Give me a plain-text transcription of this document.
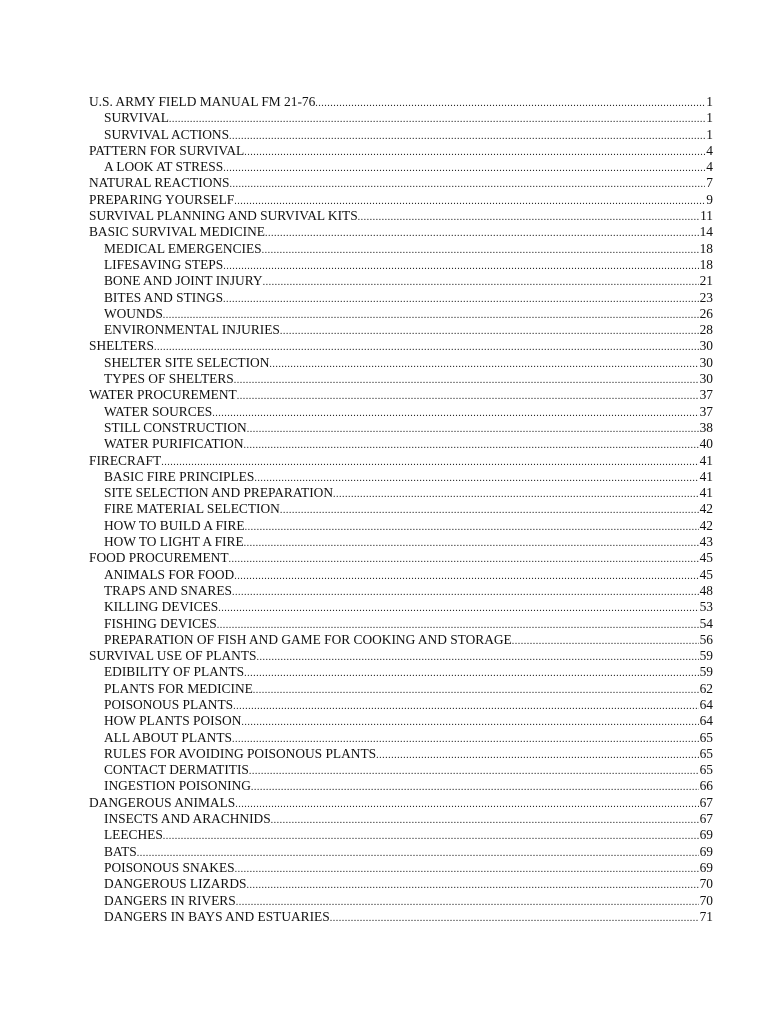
U.S. ARMY FIELD MANUAL FM 21-76 .....	1
SURVIVAL .....	1
SURVIVAL ACTIONS .....	1
PATTERN FOR SURVIVAL .....	4
A LOOK AT STRESS .....	4
NATURAL REACTIONS .....	7
PREPARING YOURSELF .....	9
SURVIVAL PLANNING AND SURVIVAL KITS .....	11
BASIC SURVIVAL MEDICINE .....	14
MEDICAL EMERGENCIES .....	18
LIFESAVING STEPS .....	18
BONE AND JOINT INJURY .....	21
BITES AND STINGS .....	23
WOUNDS .....	26
ENVIRONMENTAL INJURIES .....	28
SHELTERS .....	30
SHELTER SITE SELECTION .....	30
TYPES OF SHELTERS .....	30
WATER PROCUREMENT .....	37
WATER SOURCES .....	37
STILL CONSTRUCTION .....	38
WATER PURIFICATION .....	40
FIRECRAFT .....	41
BASIC FIRE PRINCIPLES .....	41
SITE SELECTION AND PREPARATION .....	41
FIRE MATERIAL SELECTION .....	42
HOW TO BUILD A FIRE .....	42
HOW TO LIGHT A FIRE .....	43
FOOD PROCUREMENT .....	45
ANIMALS FOR FOOD .....	45
TRAPS AND SNARES .....	48
KILLING DEVICES .....	53
FISHING DEVICES .....	54
PREPARATION OF FISH AND GAME FOR COOKING AND STORAGE .....	56
SURVIVAL USE OF PLANTS .....	59
EDIBILITY OF PLANTS .....	59
PLANTS FOR MEDICINE .....	62
POISONOUS PLANTS .....	64
HOW PLANTS POISON .....	64
ALL ABOUT PLANTS .....	65
RULES FOR AVOIDING POISONOUS PLANTS .....	65
CONTACT DERMATITIS .....	65
INGESTION POISONING .....	66
DANGEROUS ANIMALS .....	67
INSECTS AND ARACHNIDS .....	67
LEECHES .....	69
BATS .....	69
POISONOUS SNAKES .....	69
DANGEROUS LIZARDS .....	70
DANGERS IN RIVERS .....	70
DANGERS IN BAYS AND ESTUARIES .....	71
